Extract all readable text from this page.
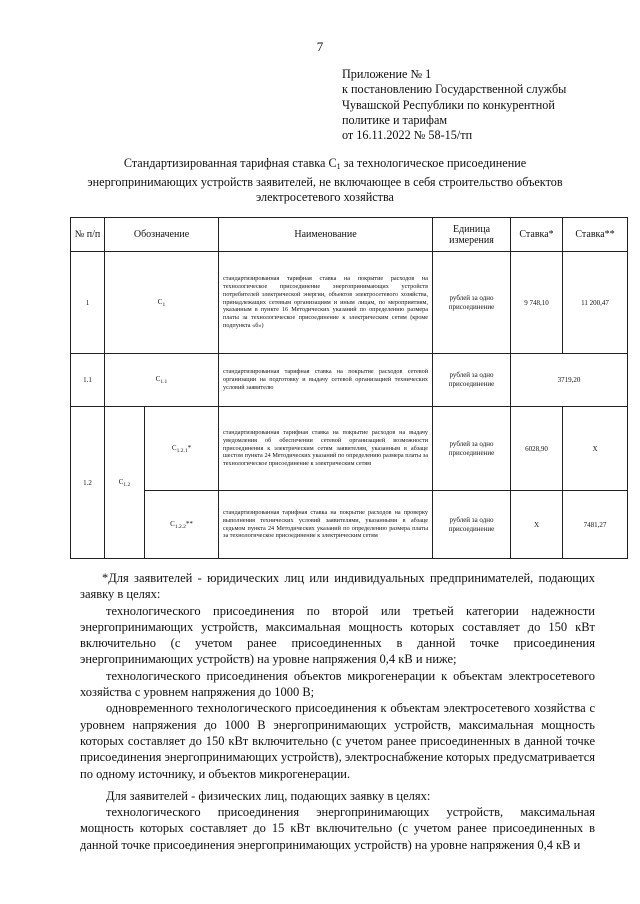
7
Приложение № 1
к постановлению Государственной службы
Чувашской Республики по конкурентной
политике и тарифам
от 16.11.2022 № 58-15/тп
Стандартизированная тарифная ставка $С_1$ за технологическое присоединение
энергопринимающих устройств заявителей, не включающее в себя строительство объектов
электросетевого хозяйства
№ п/п	Обозначение		Наименование	Единица измерения	Ставка*	Ставка**
1	$C_1$		стандартизированная тарифная ставка на покрытие расходов на технологическое присоединение энергопринимающих устройств потребителей электрической энергии, объектов электросетевого хозяйства, принадлежащих сетевым организациям и иным лицам, по мероприятиям, указанным в пункте 16 Методических указаний по определению размера платы за технологическое присоединение к электрическим сетям (кроме подпункта «б»)	рублей за одно присоединение	9 748,10	11 200,47
1.1	$C_{1.1}$		стандартизированная тарифная ставка на покрытие расходов сетевой организации на подготовку и выдачу сетевой организацией технических условий заявителю	рублей за одно присоединение	3719,20	
1.2	$C_{1.2}$	$C_{1.2.1}*$	стандартизированная тарифная ставка на покрытие расходов на выдачу уведомления об обеспечении сетевой организацией возможности присоединения к электрическим сетям заявителям, указанным в абзаце шестом пункта 24 Методических указаний по определению размера платы за технологическое присоединение к электрическим сетям	рублей за одно присоединение	6028,90	Х
		$C_{1.2.2}**$	стандартизированная тарифная ставка на покрытие расходов на проверку выполнения технических условий заявителями, указанными в абзаце седьмом пункта 24 Методических указаний по определению размера платы за технологическое присоединение к электрическим сетям	рублей за одно присоединение	Х	7481,27

*Для заявителей - юридических лиц или индивидуальных предпринимателей, подающих заявку в целях:

технологического присоединения по второй или третьей категории надежности энергопринимающих устройств, максимальная мощность которых составляет до 150 кВт включительно (с учетом ранее присоединенных в данной точке присоединения энергопринимающих устройств) на уровне напряжения 0,4 кВ и ниже;

технологического присоединения объектов микрогенерации к объектам электросетевого хозяйства с уровнем напряжения до 1000 В;

одновременного технологического присоединения к объектам электросетевого хозяйства с уровнем напряжения до 1000 В энергопринимающих устройств, максимальная мощность которых составляет до 150 кВт включительно (с учетом ранее присоединенных в данной точке присоединения энергопринимающих устройств), электроснабжение которых предусматривается по одному источнику, и объектов микрогенерации.

Для заявителей - физических лиц, подающих заявку в целях:

технологического присоединения энергопринимающих устройств, максимальная мощность которых составляет до 15 кВт включительно (с учетом ранее присоединенных в данной точке присоединения энергопринимающих устройств) на уровне напряжения 0,4 кВ и
